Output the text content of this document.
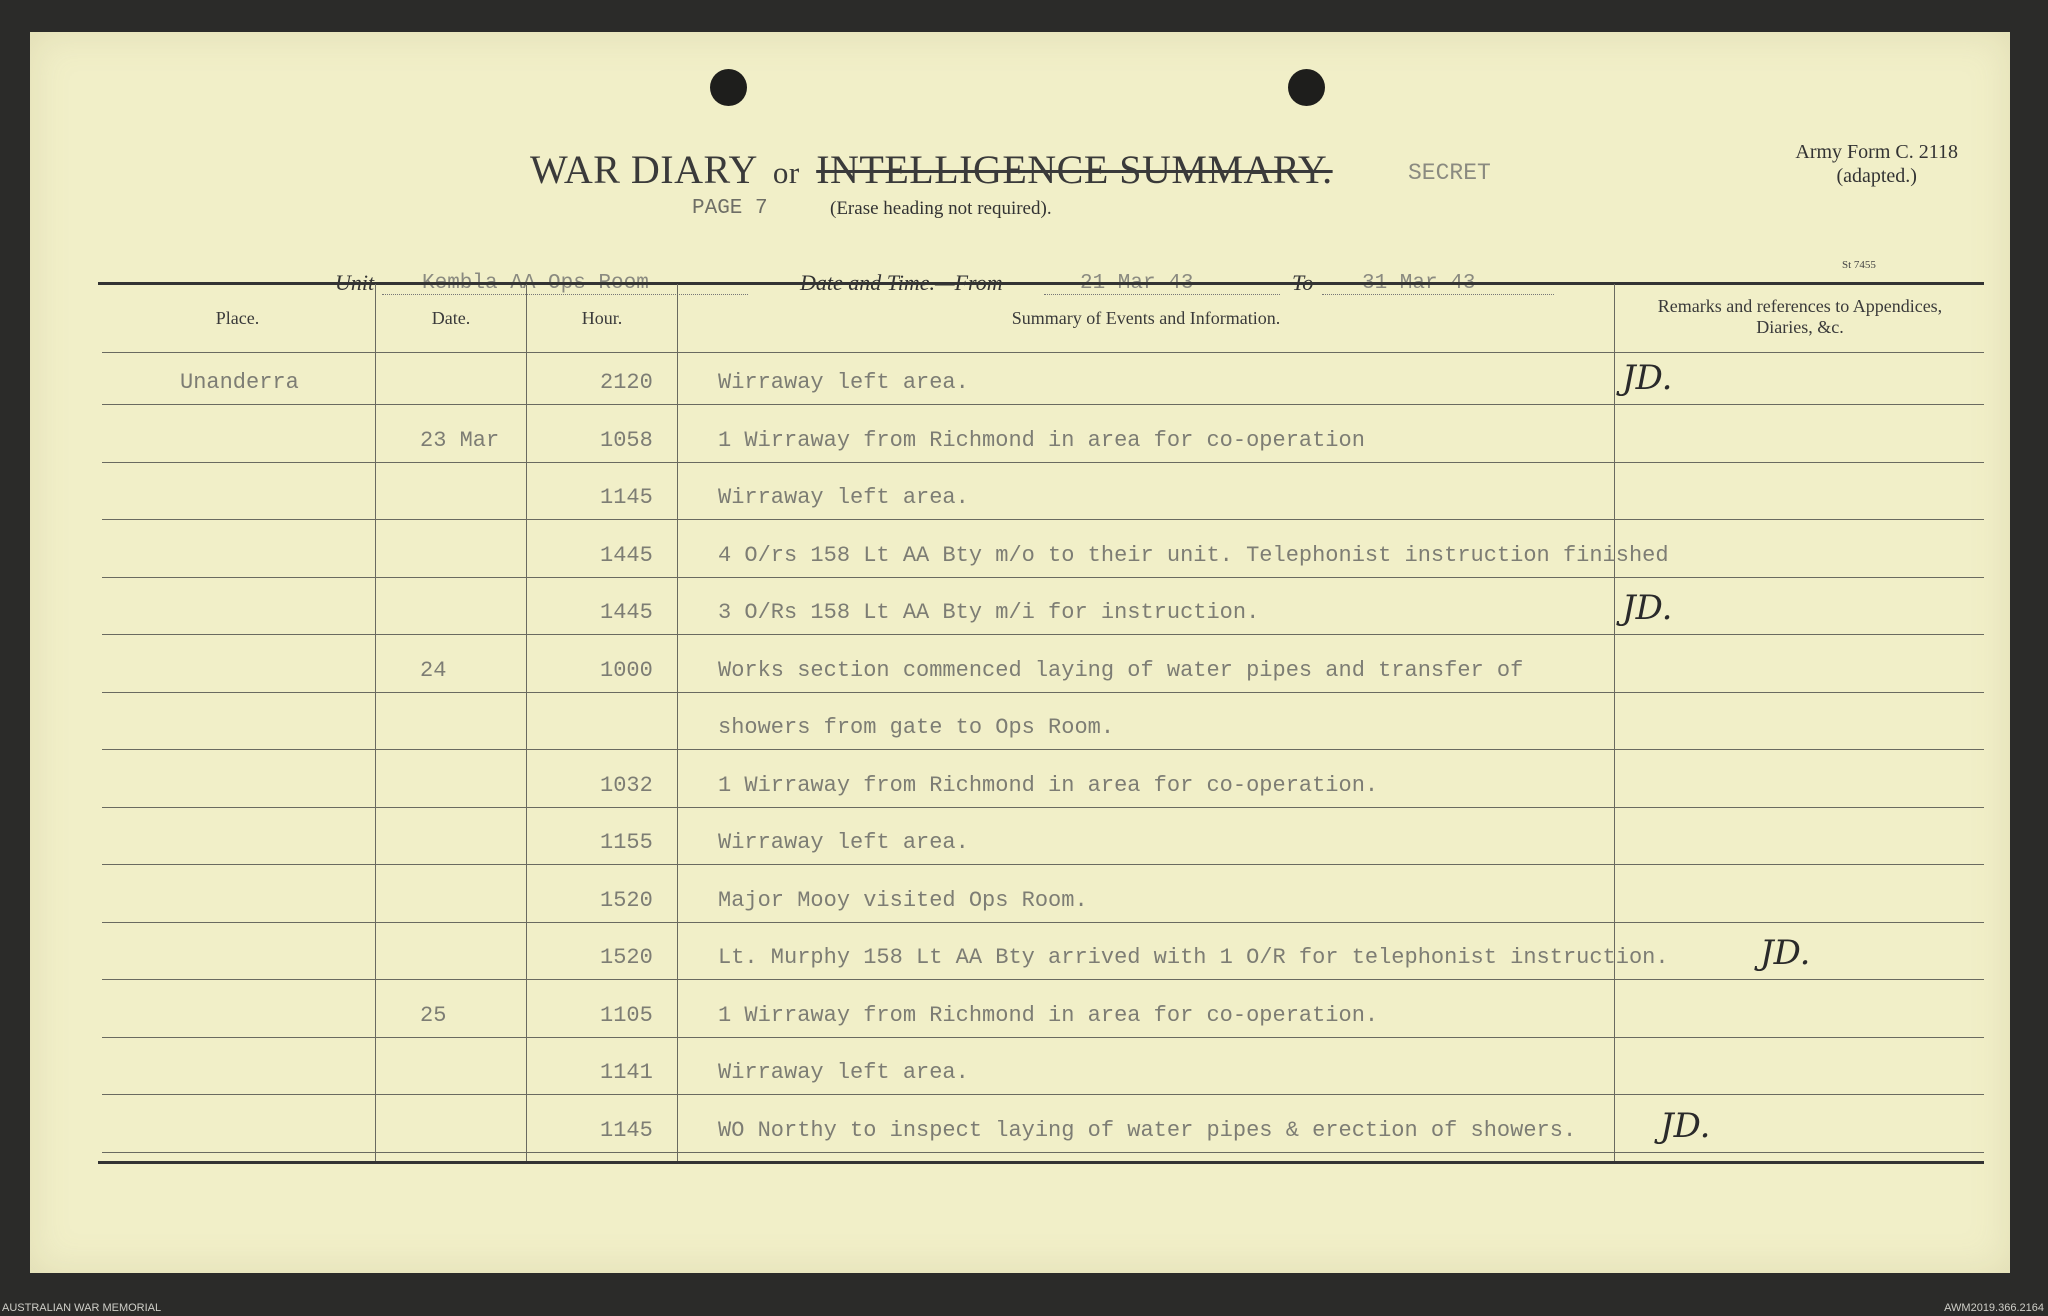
WAR DIARY or INTELLIGENCE SUMMARY.	SECRET
PAGE 7	(Erase heading not required).
Army Form C. 2118
(adapted.)
St 7455
Unit Kembla AA Ops Room	Date and Time.—From	21 Mar 43	To 31 Mar 43
Place.	Date.	Hour.	Summary of Events and Information.
Remarks and references to Appendices, Diaries, &c.
Unanderra	2120	Wirraway left area.	JD.
23 Mar	1058	1 Wirraway from Richmond in area for co-operation
1145	Wirraway left area.
1445	4 O/rs 158 Lt AA Bty m/o to their unit. Telephonist instruction finished
1445	3 O/Rs 158 Lt AA Bty m/i for instruction.	JD.
24	1000	Works section commenced laying of water pipes and transfer of
showers from gate to Ops Room.
1032	1 Wirraway from Richmond in area for co-operation.
1155	Wirraway left area.
1520	Major Mooy visited Ops Room.
1520	Lt. Murphy 158 Lt AA Bty arrived with 1 O/R for telephonist instruction.	JD.
25	1105	1 Wirraway from Richmond in area for co-operation.
1141	Wirraway left area.
1145	WO Northy to inspect laying of water pipes & erection of showers. JD.
AUSTRALIAN WAR MEMORIAL	AWM2019.366.2164
